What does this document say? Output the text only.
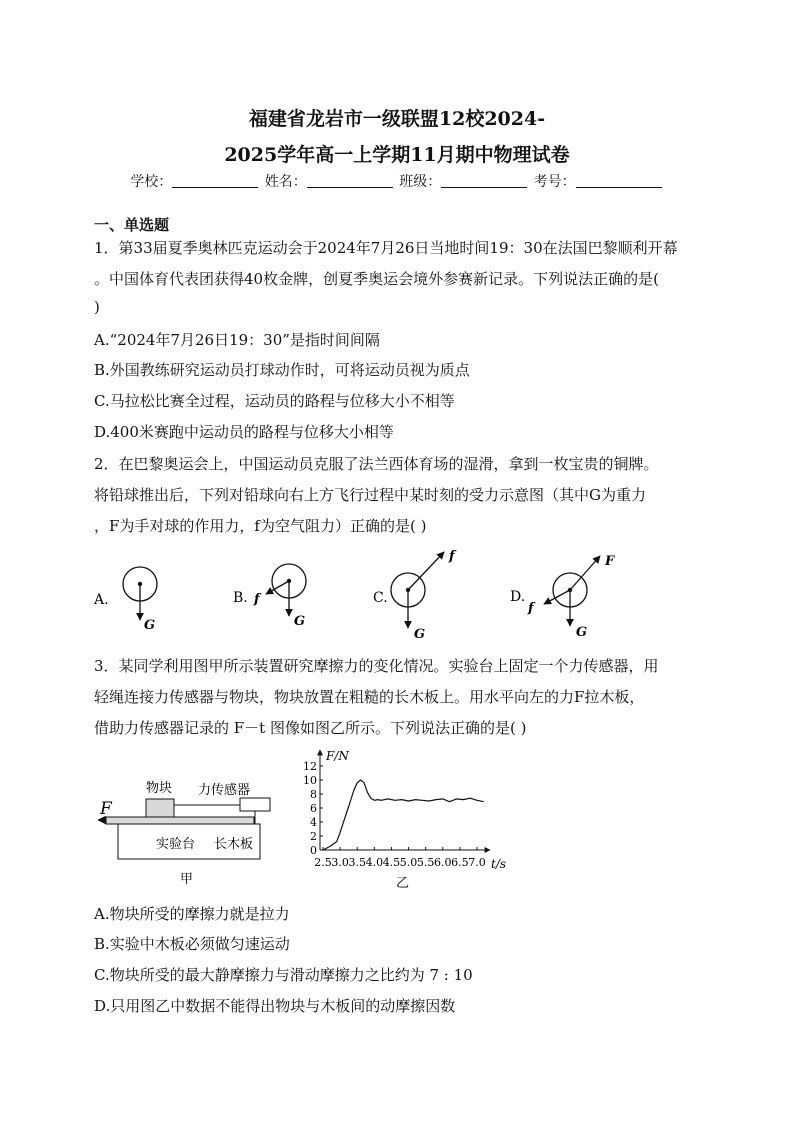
福建省龙岩市一级联盟12校2024-
2025学年高一上学期11月期中物理试卷
学校：	姓名：	班级：	考号：
一、单选题
1．第33届夏季奥林匹克运动会于2024年7月26日当地时间19：30在法国巴黎顺利开幕
。中国体育代表团获得40枚金牌，创夏季奥运会境外参赛新记录。下列说法正确的是(
)
A.“2024年7月26日19：30”是指时间间隔
B.外国教练研究运动员打球动作时，可将运动员视为质点
C.马拉松比赛全过程，运动员的路程与位移大小不相等
D.400米赛跑中运动员的路程与位移大小相等
2．在巴黎奥运会上，中国运动员克服了法兰西体育场的湿滑，拿到一枚宝贵的铜牌。
将铅球推出后，下列对铅球向右上方飞行过程中某时刻的受力示意图（其中G为重力
，F为手对球的作用力，f为空气阻力）正确的是( )
A.
G
B. f
G
C.
f
G
D.
F
f
G
3．某同学利用图甲所示装置研究摩擦力的变化情况。实验台上固定一个力传感器，用
轻绳连接力传感器与物块，物块放置在粗糙的长木板上。用水平向左的力F拉木板，
借助力传感器记录的 F－t 图像如图乙所示。下列说法正确的是( )
物块 力传感器
F
实验台 长木板
甲
F/N
t/s
乙
0
2
4
6
8
10
12
2.5 3.0 3.5 4.0 4.5 5.0 5.5 6.0 6.5 7.0
A.物块所受的摩擦力就是拉力
B.实验中木板必须做匀速运动
C.物块所受的最大静摩擦力与滑动摩擦力之比约为 7 : 10
D.只用图乙中数据不能得出物块与木板间的动摩擦因数
